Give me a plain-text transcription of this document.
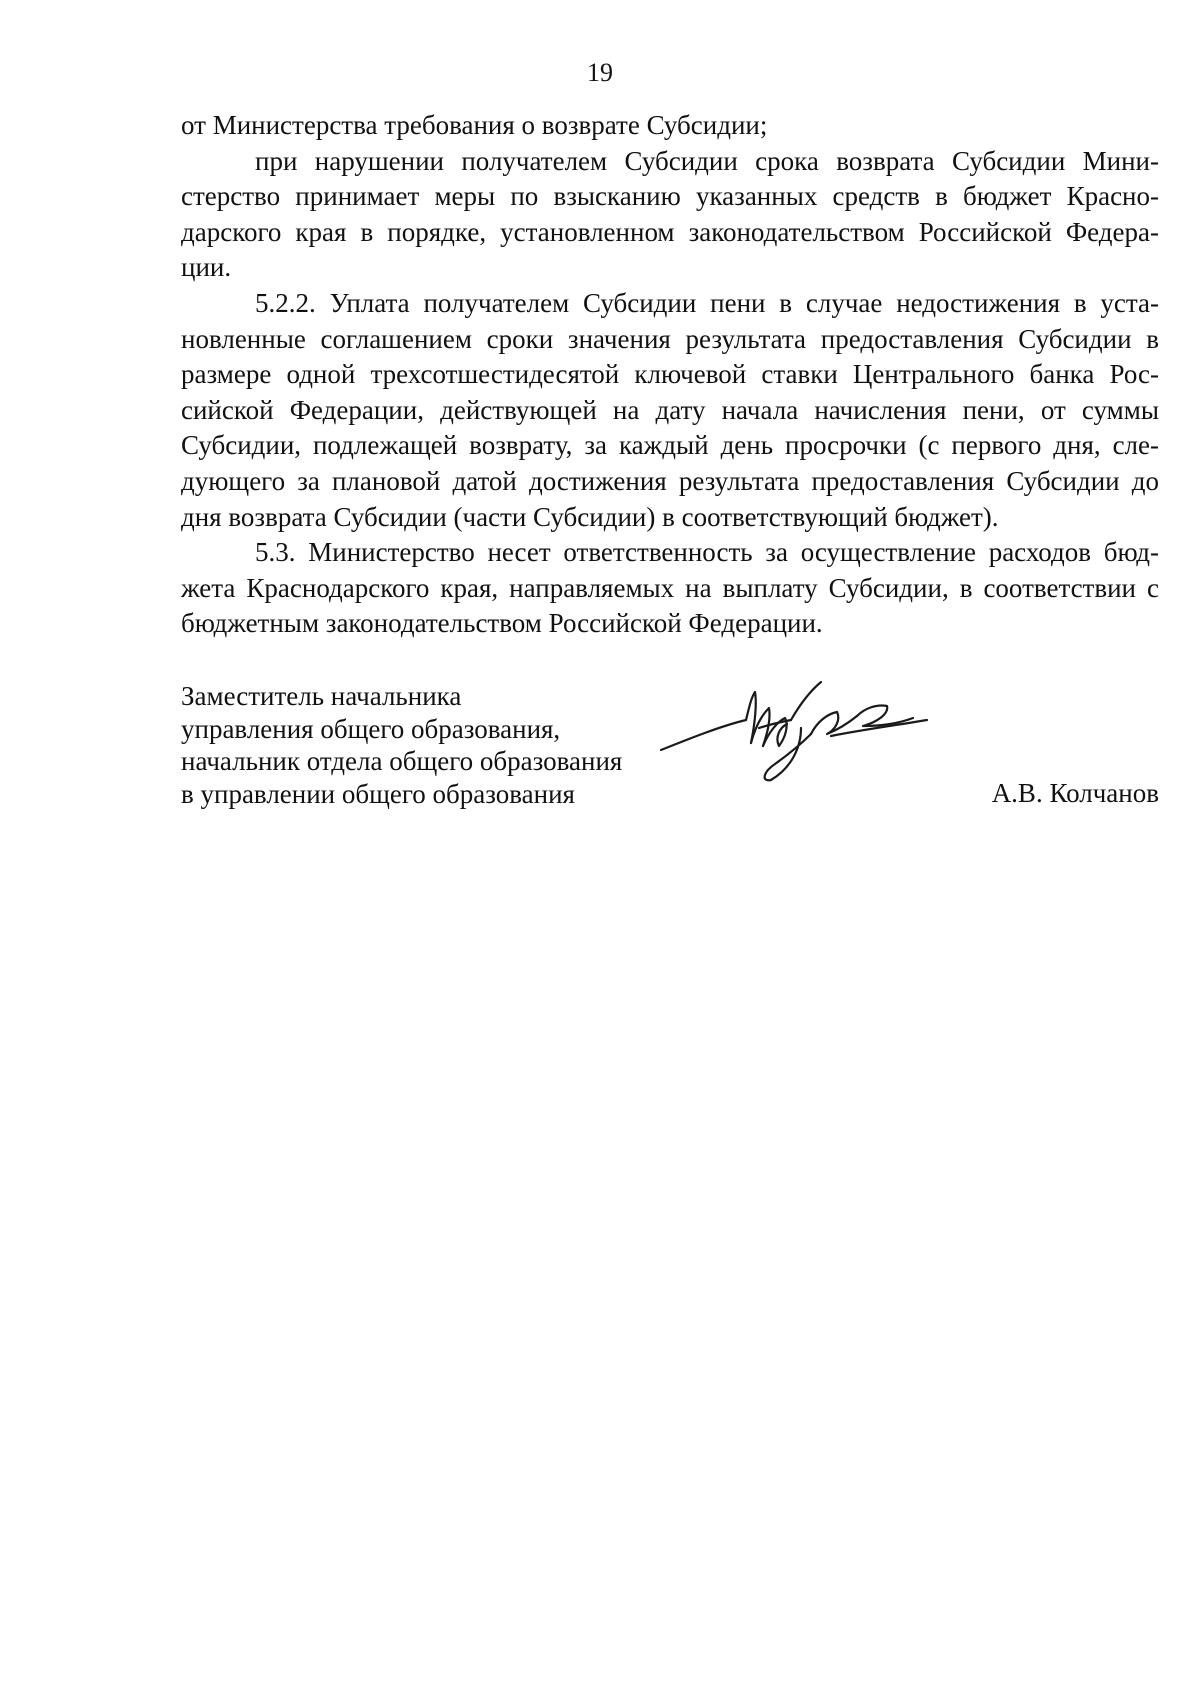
19

от Министерства требования о возврате Субсидии;

при нарушении получателем Субсидии срока возврата Субсидии Мини- стерство принимает меры по взысканию указанных средств в бюджет Красно- дарского края в порядке, установленном законодательством Российской Федера- ции.

5.2.2. Уплата получателем Субсидии пени в случае недостижения в уста- новленные соглашением сроки значения результата предоставления Субсидии в размере одной трехсотшестидесятой ключевой ставки Центрального банка Рос- сийской Федерации, действующей на дату начала начисления пени, от суммы Субсидии, подлежащей возврату, за каждый день просрочки (с первого дня, сле- дующего за плановой датой достижения результата предоставления Субсидии до дня возврата Субсидии (части Субсидии) в соответствующий бюджет).

5.3. Министерство несет ответственность за осуществление расходов бюд- жета Краснодарского края, направляемых на выплату Субсидии, в соответствии с бюджетным законодательством Российской Федерации.

Заместитель начальника
управления общего образования,
начальник отдела общего образования
в управлении общего образования	А.В. Колчанов
